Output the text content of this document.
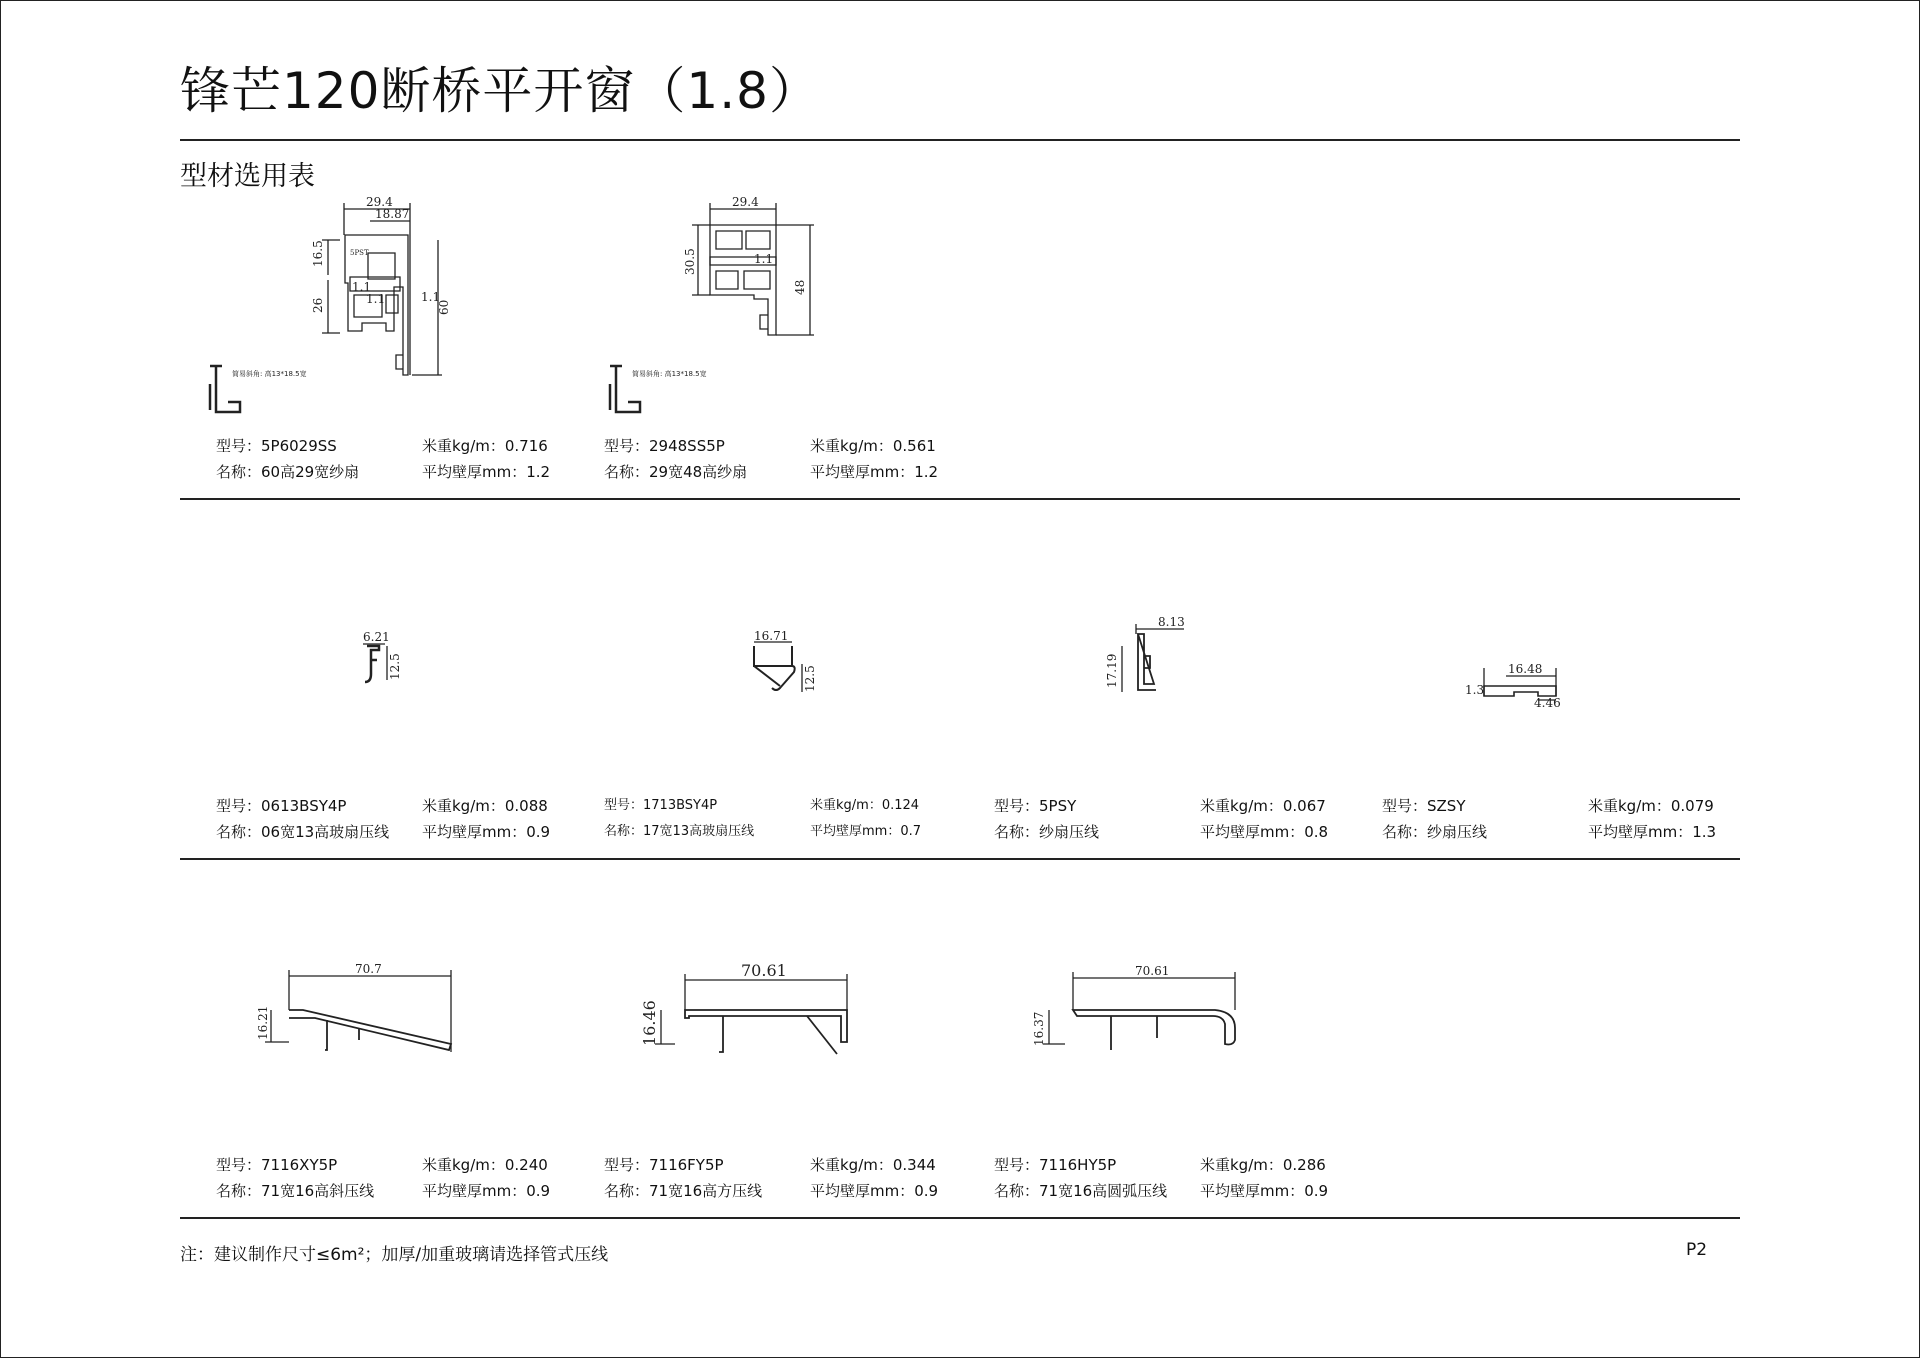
锋芒120断桥平开窗（1.8）
型材选用表
29.4
18.87
16.5
26
1.1
1.1	1.1
60
5PST
简易斜角: 高13*18.5宽
29.4
30.5	1.1
48
简易斜角: 高13*18.5宽
型号：5P6029SS	米重kg/m：0.716
名称：60高29宽纱扇	平均壁厚mm：1.2
型号：2948SS5P	米重kg/m：0.561
名称：29宽48高纱扇	平均壁厚mm：1.2
6.21
12.5
16.71
12.5
8.13
17.19	16.48
1.3
4.46
型号：0613BSY4P	米重kg/m：0.088
名称：06宽13高玻扇压线 平均壁厚mm：0.9
型号：1713BSY4P	米重kg/m：0.124
名称：17宽13高玻扇压线	平均壁厚mm：0.7
型号：5PSY	米重kg/m：0.067
名称：纱扇压线	平均壁厚mm：0.8
型号：SZSY	米重kg/m：0.079
名称：纱扇压线	平均壁厚mm：1.3
70.7
16.21
70.61
16.46
70.61
16.37
型号：7116XY5P	米重kg/m：0.240
名称：71宽16高斜压线	平均壁厚mm：0.9
型号：7116FY5P	米重kg/m：0.344
名称：71宽16高方压线	平均壁厚mm：0.9
型号：7116HY5P	米重kg/m：0.286
名称：71宽16高圆弧压线 平均壁厚mm：0.9
注：建议制作尺寸≤6m²；加厚/加重玻璃请选择管式压线	P2
